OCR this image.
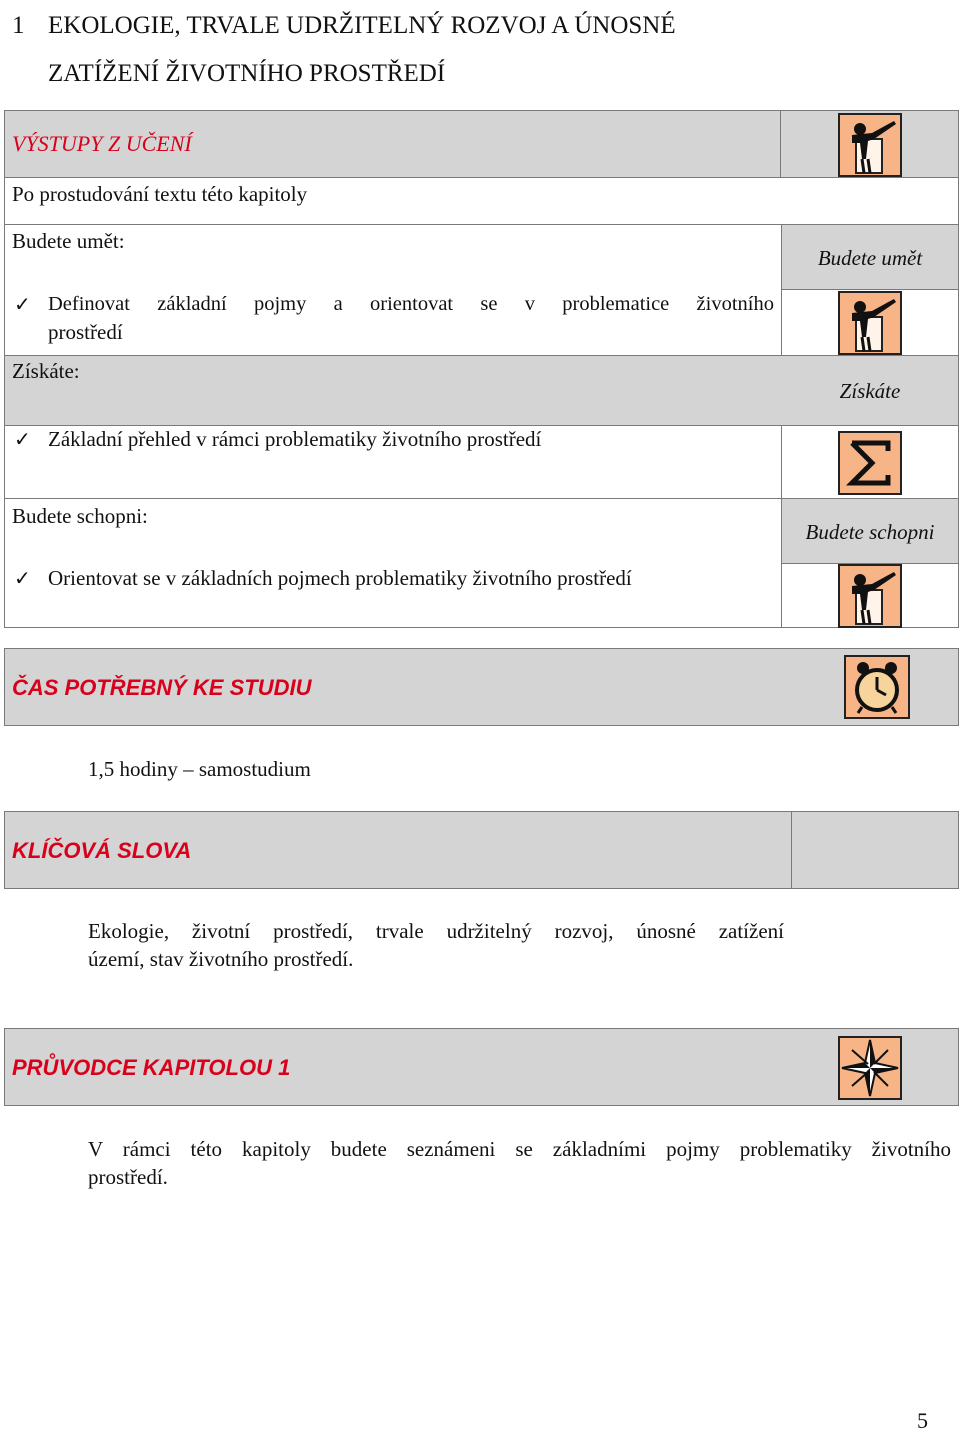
1 EKOLOGIE, TRVALE UDRŽITELNÝ ROZVOJ A ÚNOSNÉ
ZATÍŽENÍ ŽIVOTNÍHO PROSTŘEDÍ
VÝSTUPY Z UČENÍ
Po prostudování textu této kapitoly
Budete umět:
✓ Definovat základní pojmy a orientovat se v problematice životního
prostředí
Získáte:
✓ Základní přehled v rámci problematiky životního prostředí
Budete schopni:
✓ Orientovat se v základních pojmech problematiky životního prostředí
Budete umět
Získáte
Budete schopni
ČAS POTŘEBNÝ KE STUDIU
1,5 hodiny – samostudium
KLÍČOVÁ SLOVA
Ekologie, životní prostředí, trvale udržitelný rozvoj, únosné zatížení
území, stav životního prostředí.
PRŮVODCE KAPITOLOU 1
V rámci této kapitoly budete seznámeni se základními pojmy problematiky životního
prostředí.
5
